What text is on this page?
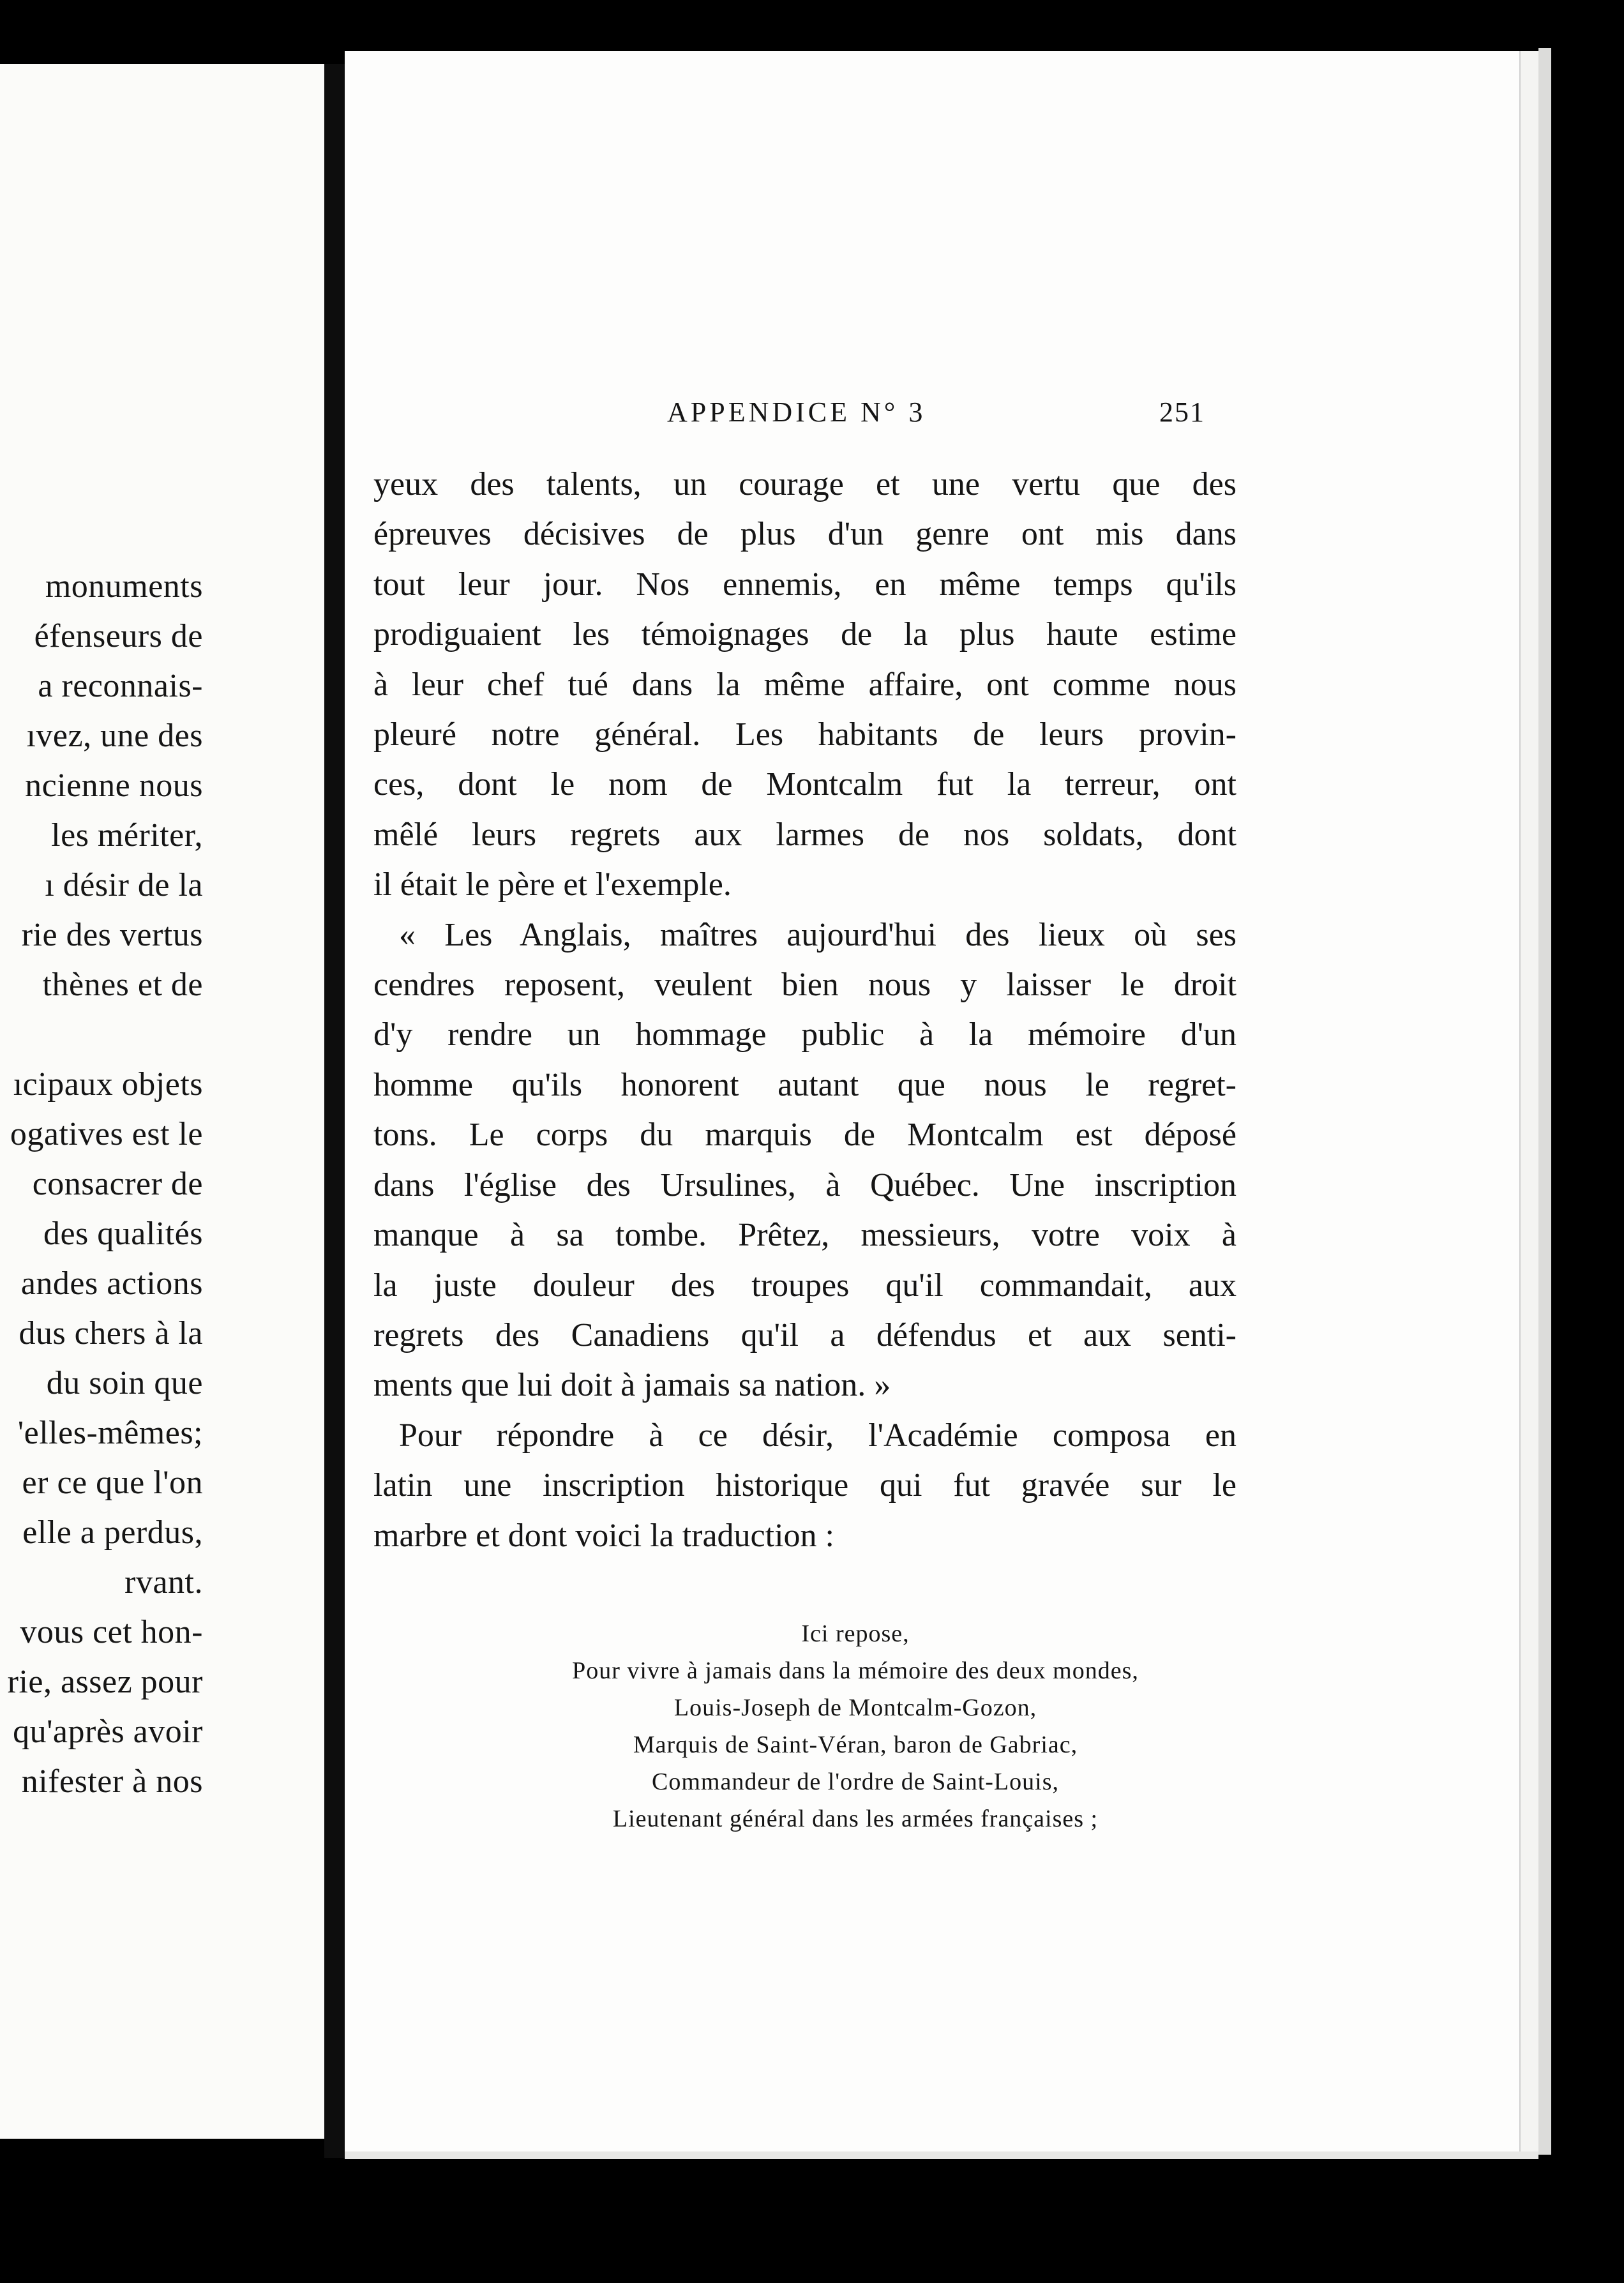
monuments
éfenseurs de
a reconnais-
ıvez, une des
ncienne nous
les mériter,
ı désir de la
rie des vertus
thènes et de
ıcipaux objets
ogatives est le
consacrer de
des qualités
andes actions
dus chers à la
du soin que
'elles-mêmes;
er ce que l'on
elle a perdus,
rvant.
vous cet hon-
rie, assez pour
qu'après avoir
nifester à nos
APPENDICE N° 3	251
yeux des talents, un courage et une vertu que des
épreuves décisives de plus d'un genre ont mis dans
tout leur jour. Nos ennemis, en même temps qu'ils
prodiguaient les témoignages de la plus haute estime
à leur chef tué dans la même affaire, ont comme nous
pleuré notre général. Les habitants de leurs provin-
ces, dont le nom de Montcalm fut la terreur, ont
mêlé leurs regrets aux larmes de nos soldats, dont
il était le père et l'exemple.
« Les Anglais, maîtres aujourd'hui des lieux où ses
cendres reposent, veulent bien nous y laisser le droit
d'y rendre un hommage public à la mémoire d'un
homme qu'ils honorent autant que nous le regret-
tons. Le corps du marquis de Montcalm est déposé
dans l'église des Ursulines, à Québec. Une inscription
manque à sa tombe. Prêtez, messieurs, votre voix à
la juste douleur des troupes qu'il commandait, aux
regrets des Canadiens qu'il a défendus et aux senti-
ments que lui doit à jamais sa nation. »
Pour répondre à ce désir, l'Académie composa en
latin une inscription historique qui fut gravée sur le
marbre et dont voici la traduction :
Ici repose,
Pour vivre à jamais dans la mémoire des deux mondes,
Louis-Joseph de Montcalm-Gozon,
Marquis de Saint-Véran, baron de Gabriac,
Commandeur de l'ordre de Saint-Louis,
Lieutenant général dans les armées françaises ;
